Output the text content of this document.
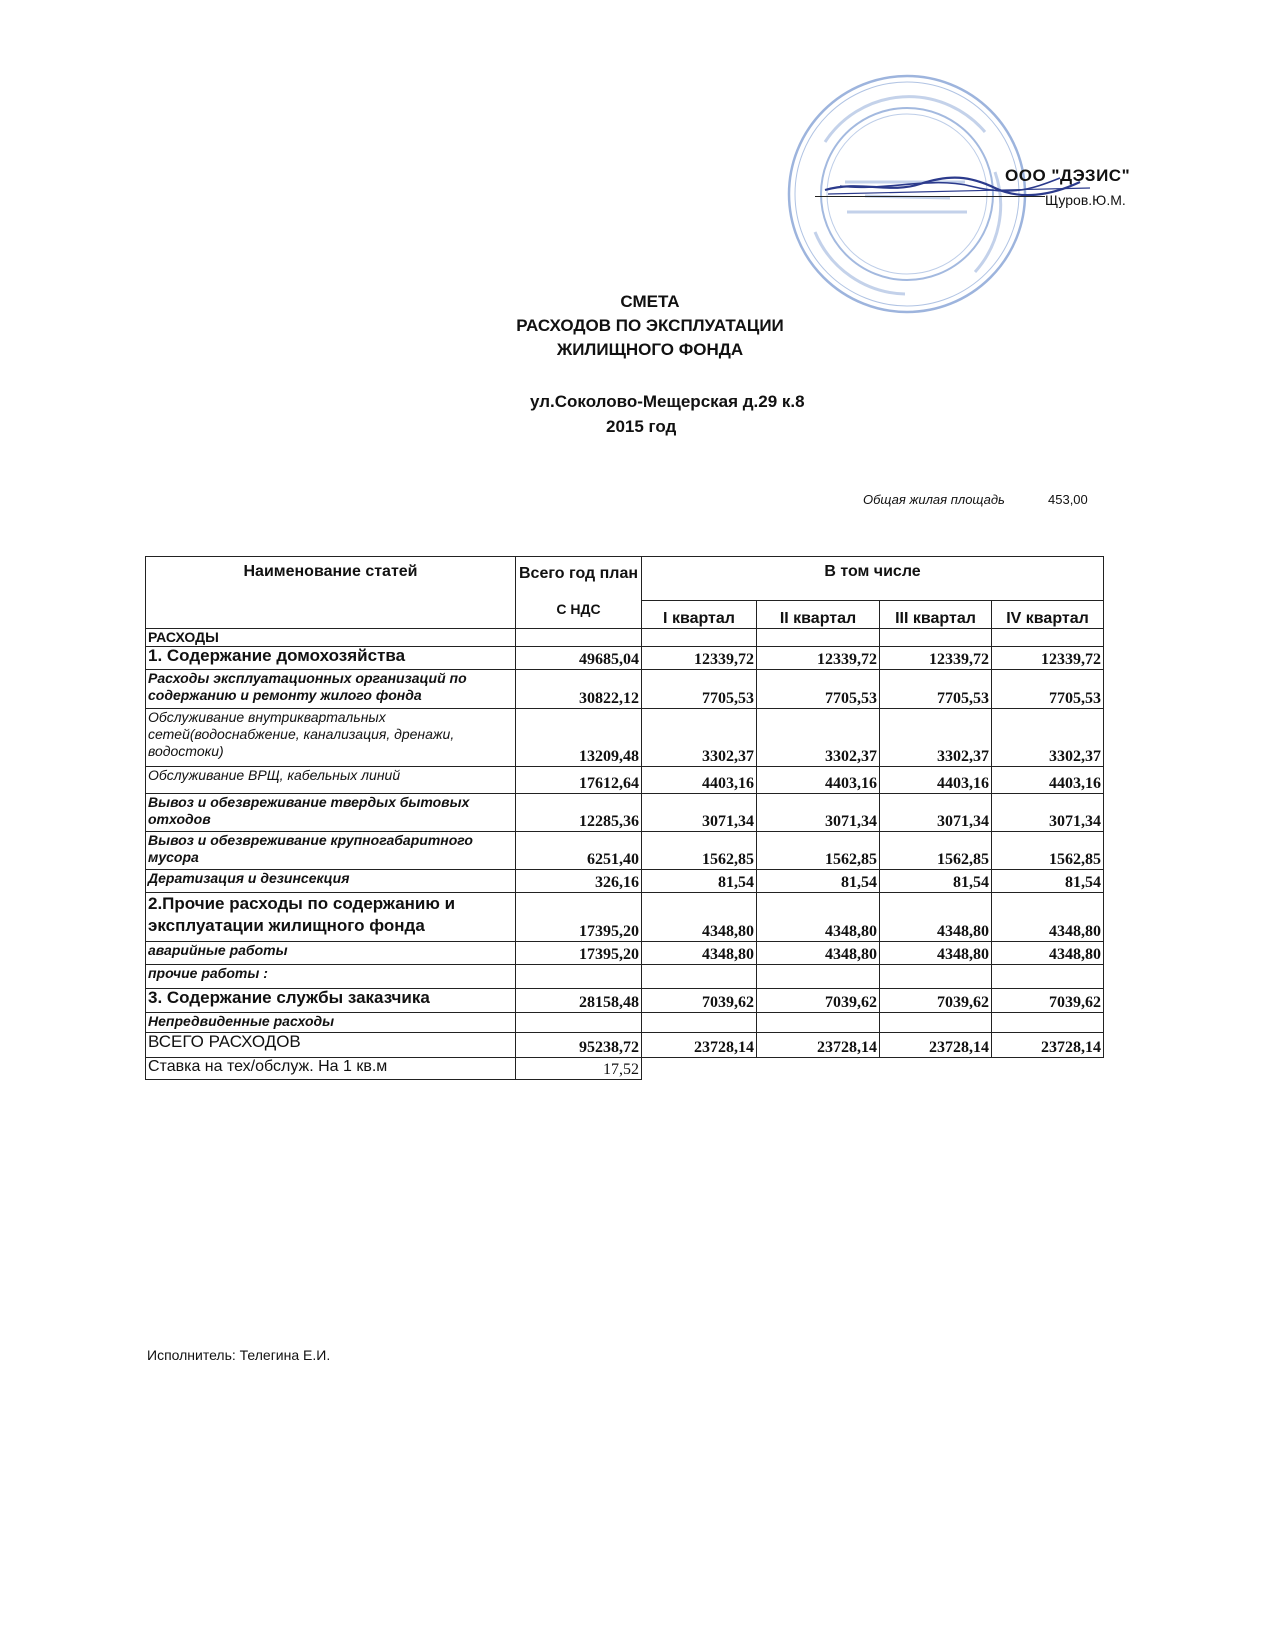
ООО "ДЭЗИС"
Щуров.Ю.М.
СМЕТА
РАСХОДОВ ПО ЭКСПЛУАТАЦИИ
ЖИЛИЩНОГО ФОНДА
ул.Соколово-Мещерская д.29 к.8
2015 год
Общая жилая площадь	453,00
Наименование статей	Всего год план	В том числе			
	С НДС	I квартал	II квартал	III квартал	IV квартал
РАСХОДЫ					
1. Содержание домохозяйства	49685,04	12339,72	12339,72	12339,72	12339,72
Расходы эксплуатационных организаций по содержанию и ремонту жилого фонда	30822,12	7705,53	7705,53	7705,53	7705,53
Обслуживание внутриквартальных сетей(водоснабжение, канализация, дренажи, водостоки)	13209,48	3302,37	3302,37	3302,37	3302,37
Обслуживание ВРЩ, кабельных линий	17612,64	4403,16	4403,16	4403,16	4403,16
Вывоз и обезвреживание твердых бытовых отходов	12285,36	3071,34	3071,34	3071,34	3071,34
Вывоз и обезвреживание крупногабаритного мусора	6251,40	1562,85	1562,85	1562,85	1562,85
Дератизация и дезинсекция	326,16	81,54	81,54	81,54	81,54
2.Прочие расходы по содержанию и эксплуатации жилищного фонда	17395,20	4348,80	4348,80	4348,80	4348,80
аварийные работы	17395,20	4348,80	4348,80	4348,80	4348,80
прочие работы :					
3. Содержание службы заказчика	28158,48	7039,62	7039,62	7039,62	7039,62
Непредвиденные расходы					
ВСЕГО РАСХОДОВ	95238,72	23728,14	23728,14	23728,14	23728,14
Ставка на тех/обслуж. На 1 кв.м	17,52				
Исполнитель: Телегина Е.И.
